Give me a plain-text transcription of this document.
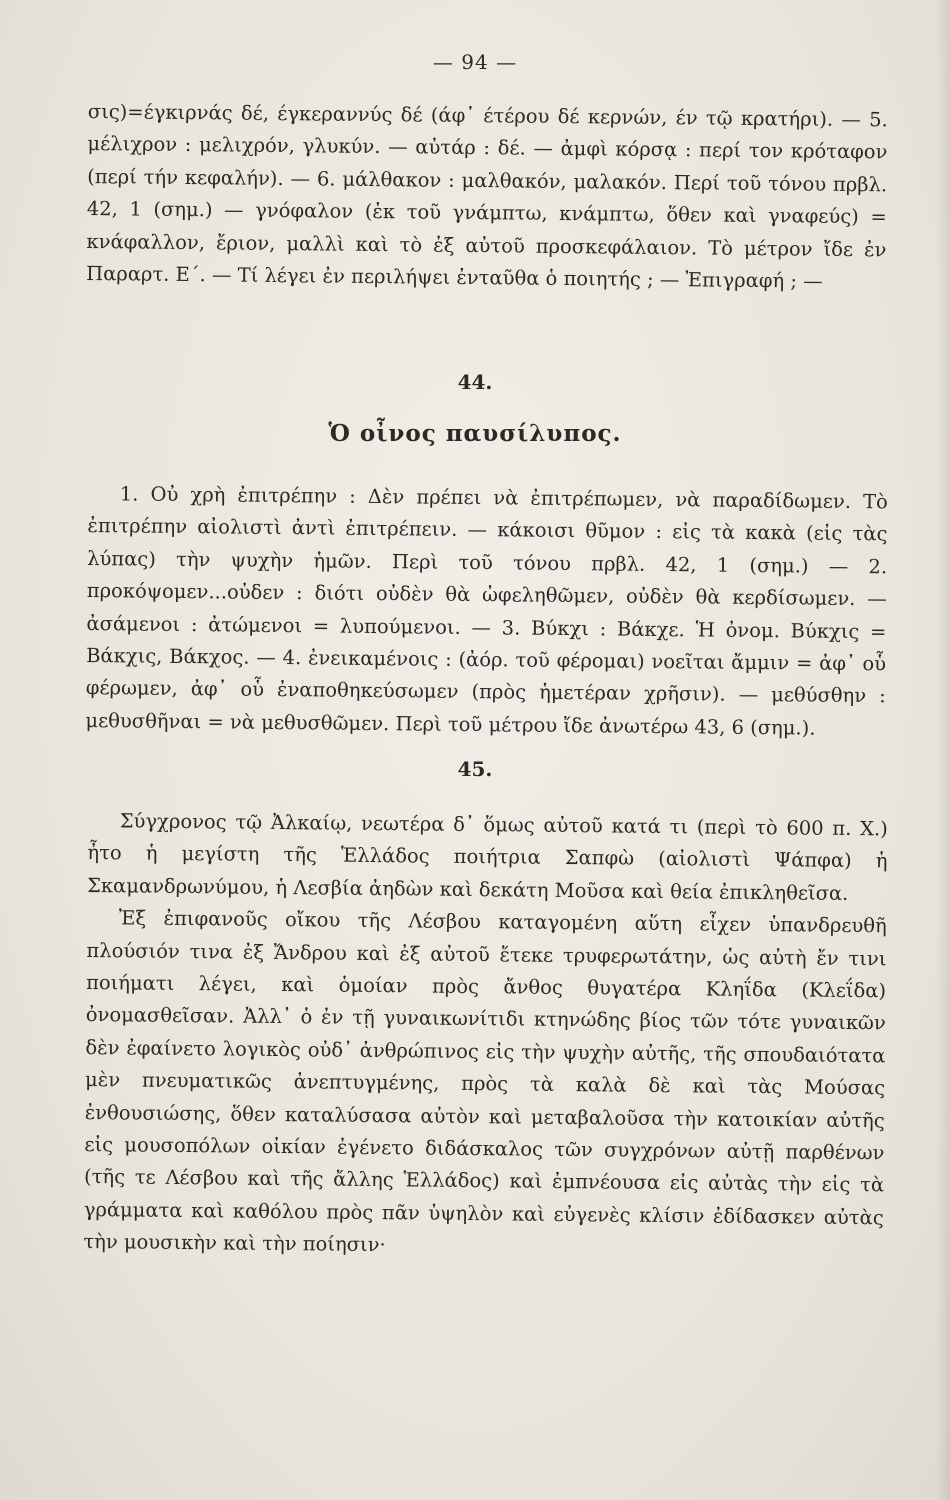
— 94 —

σις)=έγκιρνάς δέ, έγκεραννύς δέ (άφ᾽ έτέρου δέ κερνών, έν τῷ κρατήρι). — 5. μέλιχρον : μελιχρόν, γλυκύν. — αὐτάρ : δέ. — ἀμφὶ κόρσᾳ : περί τον κρόταφον (περί τήν κεφαλήν). — 6. μάλθακον : μαλθακόν, μαλακόν. Περί τοῦ τόνου πρβλ. 42, 1 (σημ.) — γνόφαλον (ἐκ τοῦ γνάμπτω, κνάμπτω, ὅθεν καὶ γναφεύς) = κνάφαλλον, ἔριον, μαλλὶ καὶ τὸ ἐξ αὐτοῦ προσκεφάλαιον. Τὸ μέτρον ἴδε ἐν Παραρτ. Ε΄. — Τί λέγει ἐν περιλήψει ἐνταῦθα ὁ ποιητής ; — Ἐπιγραφή ; —

44.
Ὁ οἶνος παυσίλυπος.

1. Οὐ χρὴ ἐπιτρέπην : Δὲν πρέπει νὰ ἐπιτρέπωμεν, νὰ παραδίδωμεν. Τὸ ἐπιτρέπην αἰολιστὶ ἀντὶ ἐπιτρέπειν. — κάκοισι θῦμον : εἰς τὰ κακὰ (εἰς τὰς λύπας) τὴν ψυχὴν ἡμῶν. Περὶ τοῦ τόνου πρβλ. 42, 1 (σημ.) — 2. προκόψομεν...οὐδεν : διότι οὐδὲν θὰ ὠφεληθῶμεν, οὐδὲν θὰ κερδίσωμεν. — ἀσάμενοι : ἀτώμενοι = λυπούμενοι. — 3. Βύκχι : Βάκχε. Ἡ ὀνομ. Βύκχις = Βάκχις, Βάκχος. — 4. ἐνεικαμένοις : (ἀόρ. τοῦ φέρομαι) νοεῖται ἄμμιν = ἀφ᾽ οὗ φέρωμεν, ἀφ᾽ οὗ ἐναποθηκεύσωμεν (πρὸς ἡμετέραν χρῆσιν). — μεθύσθην : μεθυσθῆναι = νὰ μεθυσθῶμεν. Περὶ τοῦ μέτρου ἴδε ἀνωτέρω 43, 6 (σημ.).

45.

Σύγχρονος τῷ Ἀλκαίῳ, νεωτέρα δ᾽ ὅμως αὐτοῦ κατά τι (περὶ τὸ 600 π. Χ.) ἦτο ἡ μεγίστη τῆς Ἑλλάδος ποιήτρια Σαπφὼ (αἰολιστὶ Ψάπφα) ἡ Σκαμανδρωνύμου, ἡ Λεσβία ἀηδὼν καὶ δεκάτη Μοῦσα καὶ θεία ἐπικληθεῖσα.

Ἐξ ἐπιφανοῦς οἴκου τῆς Λέσβου καταγομένη αὕτη εἶχεν ὑπανδρευθῆ πλούσιόν τινα ἐξ Ἄνδρου καὶ ἐξ αὐτοῦ ἔτεκε τρυφερωτάτην, ὡς αὐτὴ ἔν τινι ποιήματι λέγει, καὶ ὁμοίαν πρὸς ἄνθος θυγατέρα Κληΐδα (Κλεΐδα) ὀνομασθεῖσαν. Ἀλλ᾽ ὁ ἐν τῇ γυναικωνίτιδι κτηνώδης βίος τῶν τότε γυναικῶν δὲν ἐφαίνετο λογικὸς οὐδ᾽ ἀνθρώπινος εἰς τὴν ψυχὴν αὐτῆς, τῆς σπουδαιότατα μὲν πνευματικῶς ἀνεπτυγμένης, πρὸς τὰ καλὰ δὲ καὶ τὰς Μούσας ἐνθουσιώσης, ὅθεν καταλύσασα αὐτὸν καὶ μεταβαλοῦσα τὴν κατοικίαν αὐτῆς εἰς μουσοπόλων οἰκίαν ἐγένετο διδάσκαλος τῶν συγχρόνων αὐτῇ παρθένων (τῆς τε Λέσβου καὶ τῆς ἄλλης Ἑλλάδος) καὶ ἐμπνέουσα εἰς αὐτὰς τὴν εἰς τὰ γράμματα καὶ καθόλου πρὸς πᾶν ὑψηλὸν καὶ εὐγενὲς κλίσιν ἐδίδασκεν αὐτὰς τὴν μουσικὴν καὶ τὴν ποίησιν·
